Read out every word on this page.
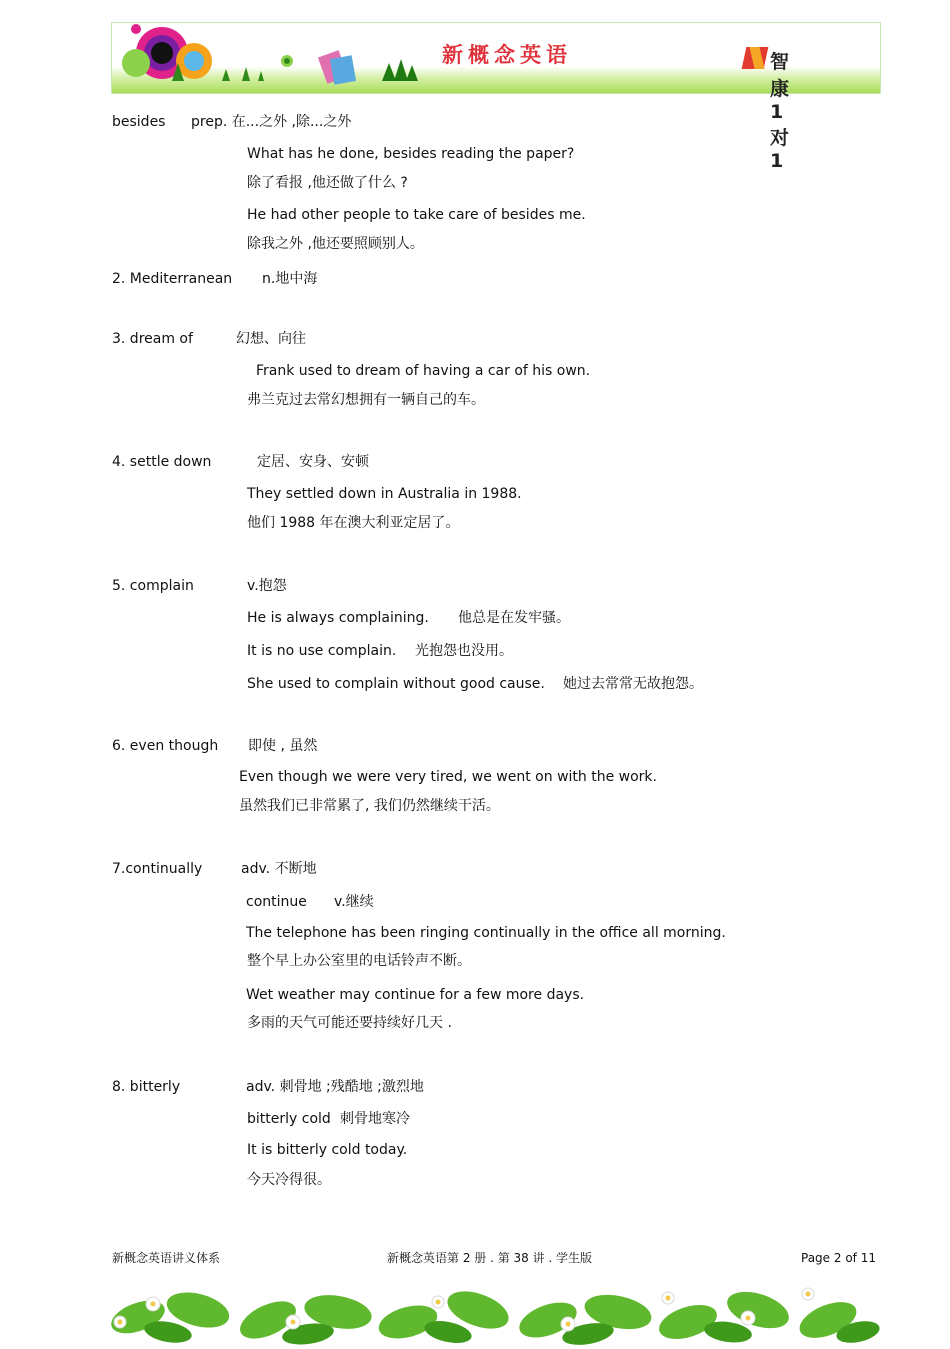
新概念英语	智康1对1
besides prep. 在...之外 ,除...之外
What has he done, besides reading the paper?
除了看报 ,他还做了什么 ?
He had other people to take care of besides me.
除我之外 ,他还要照顾别人。
2. Mediterranean n.地中海
3. dream of	幻想、向往
Frank used to dream of having a car of his own.
弗兰克过去常幻想拥有一辆自己的车。
4. settle down	定居、安身、安顿
They settled down in Australia in 1988.
他们 1988 年在澳大利亚定居了。
5. complain	v.抱怨
He is always complaining. 他总是在发牢骚。
It is no use complain. 光抱怨也没用。
She used to complain without good cause. 她过去常常无故抱怨。
6. even though 即使 , 虽然
Even though we were very tired, we went on with the work.
虽然我们已非常累了, 我们仍然继续干活。
7.continually	adv. 不断地
continue v.继续
The telephone has been ringing continually in the office all morning.
整个早上办公室里的电话铃声不断。
Wet weather may continue for a few more days.
多雨的天气可能还要持续好几天 .
8. bitterly	adv. 刺骨地 ;残酷地 ;激烈地
bitterly cold 刺骨地寒冷
It is bitterly cold today.
今天冷得很。
新概念英语讲义体系	新概念英语第 2 册 . 第 38 讲 . 学生版	Page 2 of 11
